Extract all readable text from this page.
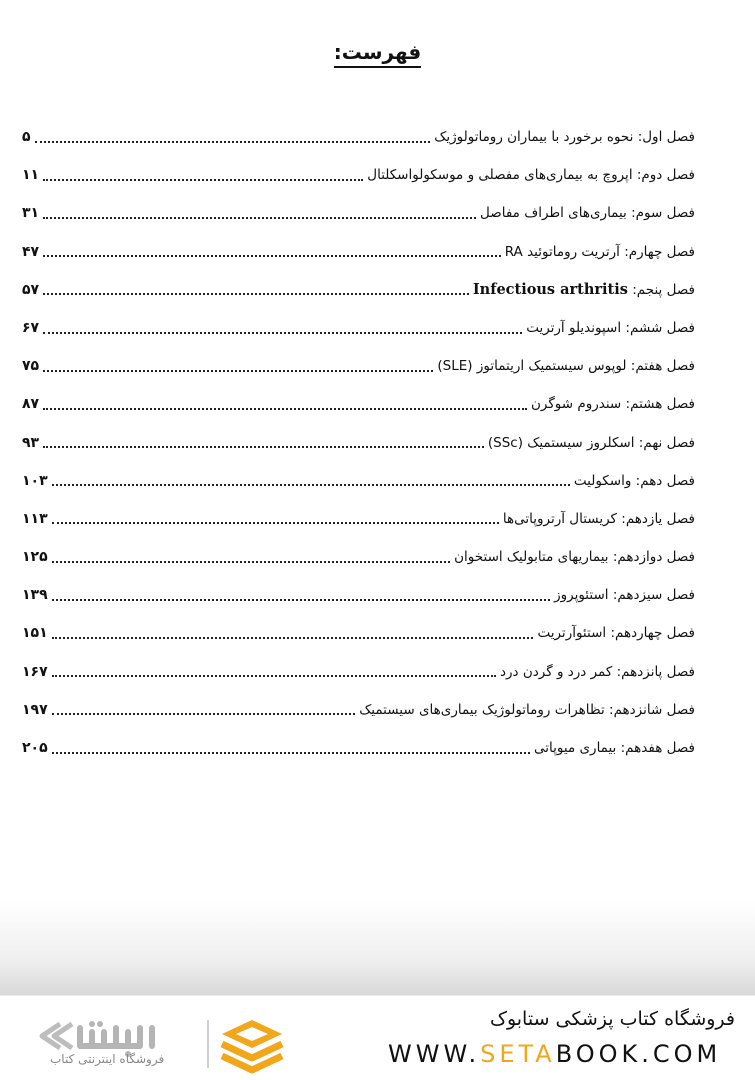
فهرست:
فصل اول: نحوه برخورد با بیماران روماتولوژیک
۵
فصل دوم: اپروچ به بیماری‌های مفصلی و موسکولواسکلتال
۱۱
فصل سوم: بیماری‌های اطراف مفاصل
۳۱
فصل چهارم: آرتریت روماتوئید RA
۴۷
فصل پنجم: Infectious arthritis
۵۷
فصل ششم: اسپوندیلو آرتریت
۶۷
فصل هفتم: لوپوس سیستمیک اریتماتوز (SLE)
۷۵
فصل هشتم: سندروم شوگرن
۸۷
فصل نهم: اسکلروز سیستمیک (SSc)
۹۳
فصل دهم: واسکولیت
۱۰۳
فصل یازدهم: کریستال آرتروپاتی‌ها
۱۱۳
فصل دوازدهم: بیماریهای متابولیک استخوان
۱۲۵
فصل سیزدهم: استئوپروز
۱۳۹
فصل چهاردهم: استئوآرتریت
۱۵۱
فصل پانزدهم: کمر درد و گردن درد
۱۶۷
فصل شانزدهم: تظاهرات روماتولوژیک بیماری‌های سیستمیک
۱۹۷
فصل هفدهم: بیماری میوپاتی
۲۰۵
فروشگاه کتاب پزشکی ستابوک
WWW.SETABOOK.COM
فروشگاه اینترنتی کتاب
